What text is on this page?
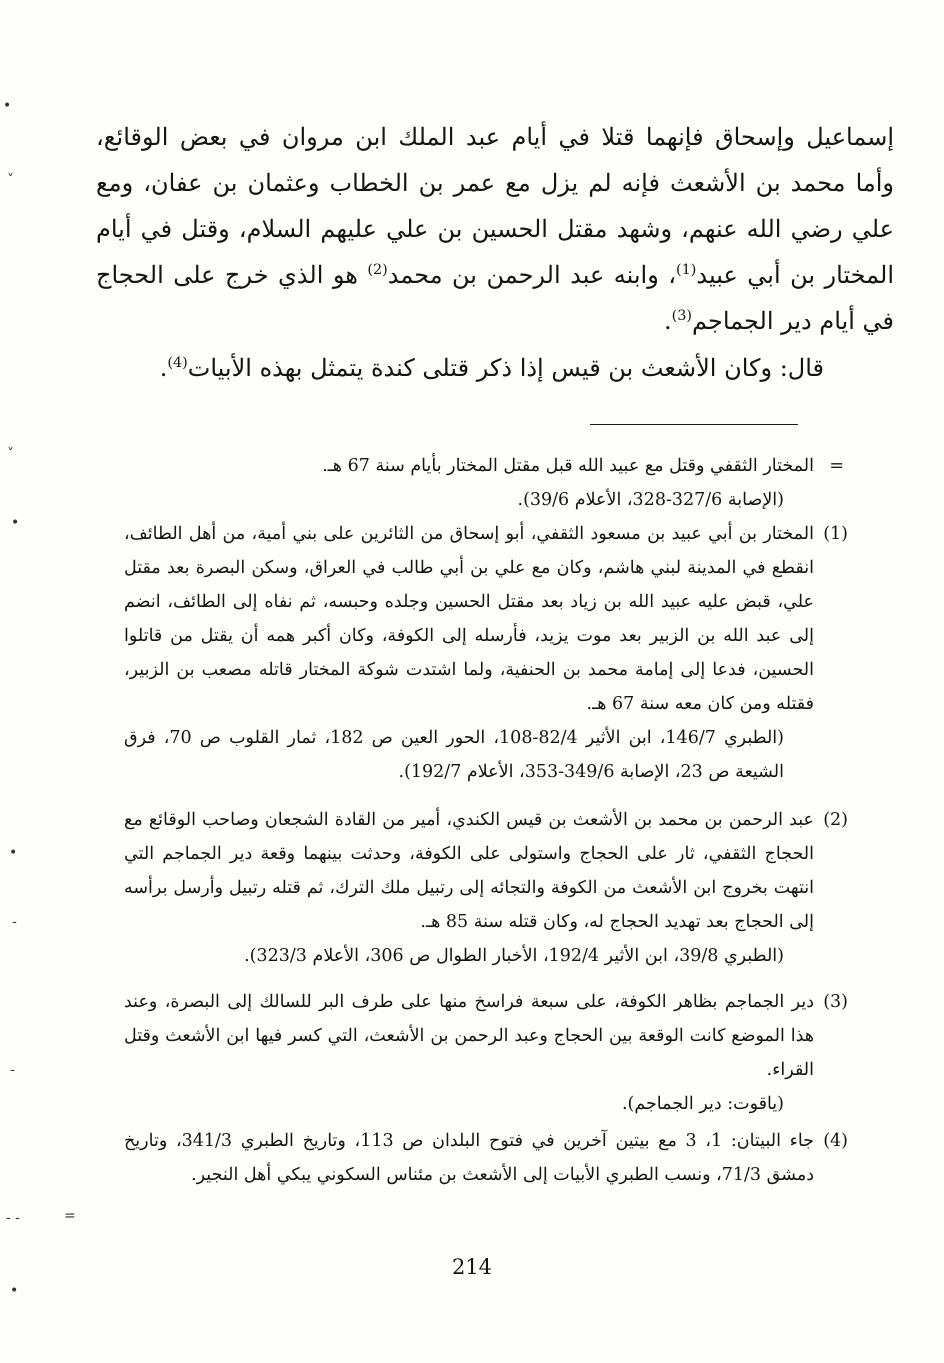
إسماعيل وإسحاق فإنهما قتلا في أيام عبد الملك ابن مروان في بعض الوقائع، وأما محمد بن الأشعث فإنه لم يزل مع عمر بن الخطاب وعثمان بن عفان، ومع علي رضي الله عنهم، وشهد مقتل الحسين بن علي عليهم السلام، وقتل في أيام المختار بن أبي عبيد$^{(1)}$، وابنه عبد الرحمن بن محمد$^{(2)}$ هو الذي خرج على الحجاج في أيام دير الجماجم$^{(3)}$.
قال: وكان الأشعث بن قيس إذا ذكر قتلى كندة يتمثل بهذه الأبيات$^{(4)}$.
=
المختار الثقفي وقتل مع عبيد الله قبل مقتل المختار بأيام سنة 67 هـ.
(الإصابة 327/6-328، الأعلام 39/6).
(1)
المختار بن أبي عبيد بن مسعود الثقفي، أبو إسحاق من الثائرين على بني أمية، من أهل الطائف، انقطع في المدينة لبني هاشم، وكان مع علي بن أبي طالب في العراق، وسكن البصرة بعد مقتل علي، قبض عليه عبيد الله بن زياد بعد مقتل الحسين وجلده وحبسه، ثم نفاه إلى الطائف، انضم إلى عبد الله بن الزبير بعد موت يزيد، فأرسله إلى الكوفة، وكان أكبر همه أن يقتل من قاتلوا الحسين، فدعا إلى إمامة محمد بن الحنفية، ولما اشتدت شوكة المختار قاتله مصعب بن الزبير، فقتله ومن كان معه سنة 67 هـ.
(الطبري 146/7، ابن الأثير 82/4-108، الحور العين ص 182، ثمار القلوب ص 70، فرق الشيعة ص 23، الإصابة 349/6-353، الأعلام 192/7).
(2)
عبد الرحمن بن محمد بن الأشعث بن قيس الكندي، أمير من القادة الشجعان وصاحب الوقائع مع الحجاج الثقفي، ثار على الحجاج واستولى على الكوفة، وحدثت بينهما وقعة دير الجماجم التي انتهت بخروج ابن الأشعث من الكوفة والتجائه إلى رتبيل ملك الترك، ثم قتله رتبيل وأرسل برأسه إلى الحجاج بعد تهديد الحجاج له، وكان قتله سنة 85 هـ.
(الطبري 39/8، ابن الأثير 192/4، الأخبار الطوال ص 306، الأعلام 323/3).
(3)
دير الجماجم بظاهر الكوفة، على سبعة فراسخ منها على طرف البر للسالك إلى البصرة، وعند هذا الموضع كانت الوقعة بين الحجاج وعبد الرحمن بن الأشعث، التي كسر فيها ابن الأشعث وقتل القراء.
(ياقوت: دير الجماجم).
(4)
جاء البيتان: 1، 3 مع بيتين آخرين في فتوح البلدان ص 113، وتاريخ الطبري 341/3، وتاريخ دمشق 71/3، ونسب الطبري الأبيات إلى الأشعث بن مئناس السكوني يبكي أهل النجير.
214
•
˅
˅
•
•
-
-
- -	=
•
